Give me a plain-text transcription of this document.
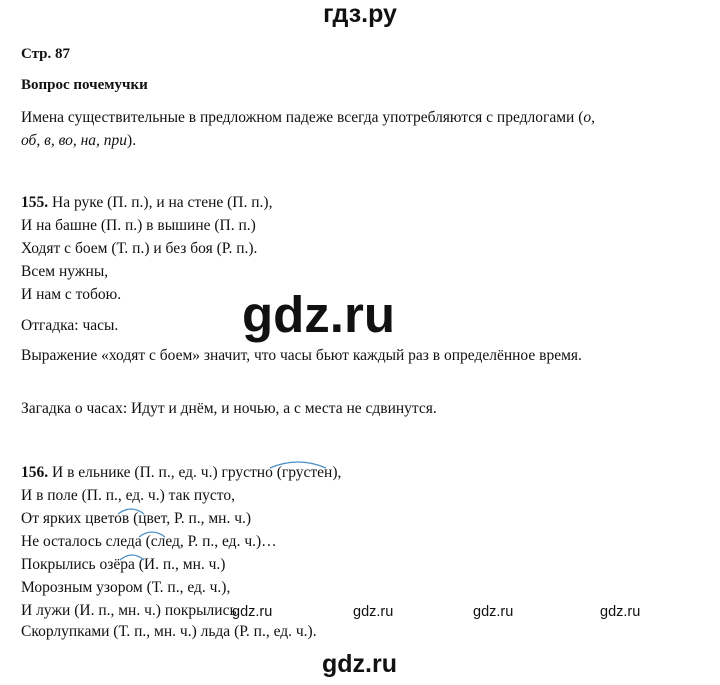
гдз.ру
Стр. 87
Вопрос почемучки
Имена существительные в предложном падеже всегда употребляются с предлогами (о,
об, в, во, на, при).
155. На руке (П. п.), и на стене (П. п.),
И на башне (П. п.) в вышине (П. п.)
Ходят с боем (Т. п.) и без боя (Р. п.).
Всем нужны,
И нам с тобою.
Отгадка: часы.
Выражение «ходят с боем» значит, что часы бьют каждый раз в определённое время.
Загадка о часах: Идут и днём, и ночью, а с места не сдвинутся.
156. И в ельнике (П. п., ед. ч.) грустно (грустен),
И в поле (П. п., ед. ч.) так пусто,
От ярких цветов (цвет, Р. п., мн. ч.)
Не осталось следа (след, Р. п., ед. ч.)…
Покрылись озёра (И. п., мн. ч.)
Морозным узором (Т. п., ед. ч.),
И лужи (И. п., мн. ч.) покрылись
Скорлупками (Т. п., мн. ч.) льда (Р. п., ед. ч.).
gdz.ru
gdz.ru	gdz.ru	gdz.ru	gdz.ru
gdz.ru
